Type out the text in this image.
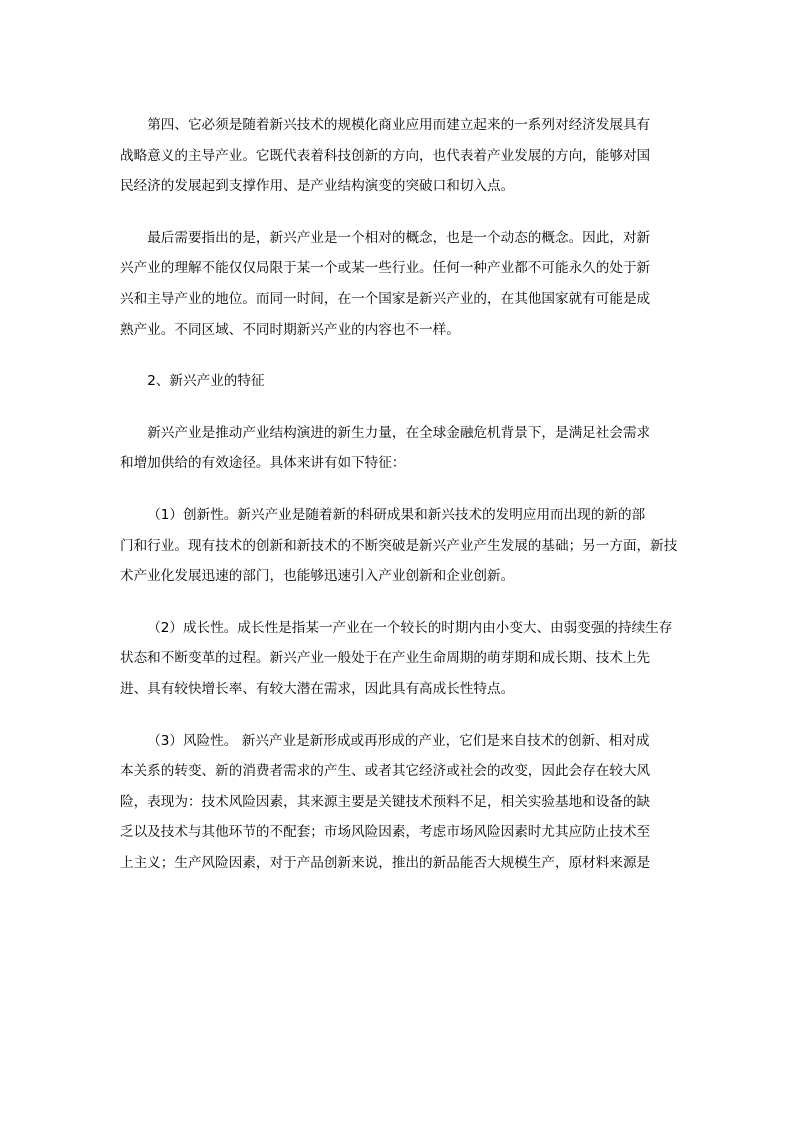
第四、它必须是随着新兴技术的规模化商业应用而建立起来的一系列对经济发展具有
战略意义的主导产业。它既代表着科技创新的方向，也代表着产业发展的方向，能够对国
民经济的发展起到支撑作用、是产业结构演变的突破口和切入点。

最后需要指出的是，新兴产业是一个相对的概念，也是一个动态的概念。因此，对新
兴产业的理解不能仅仅局限于某一个或某一些行业。任何一种产业都不可能永久的处于新
兴和主导产业的地位。而同一时间，在一个国家是新兴产业的，在其他国家就有可能是成
熟产业。不同区域、不同时期新兴产业的内容也不一样。

2、新兴产业的特征

新兴产业是推动产业结构演进的新生力量，在全球金融危机背景下，是满足社会需求
和增加供给的有效途径。具体来讲有如下特征：

（1）创新性。新兴产业是随着新的科研成果和新兴技术的发明应用而出现的新的部
门和行业。现有技术的创新和新技术的不断突破是新兴产业产生发展的基础；另一方面，新技
术产业化发展迅速的部门，也能够迅速引入产业创新和企业创新。

（2）成长性。成长性是指某一产业在一个较长的时期内由小变大、由弱变强的持续生存
状态和不断变革的过程。新兴产业一般处于在产业生命周期的萌芽期和成长期、技术上先
进、具有较快增长率、有较大潜在需求，因此具有高成长性特点。

（3）风险性。 新兴产业是新形成或再形成的产业，它们是来自技术的创新、相对成
本关系的转变、新的消费者需求的产生、或者其它经济或社会的改变，因此会存在较大风
险，表现为：技术风险因素，其来源主要是关键技术预料不足，相关实验基地和设备的缺
乏以及技术与其他环节的不配套；市场风险因素，考虑市场风险因素时尤其应防止技术至
上主义；生产风险因素，对于产品创新来说，推出的新品能否大规模生产，原材料来源是
